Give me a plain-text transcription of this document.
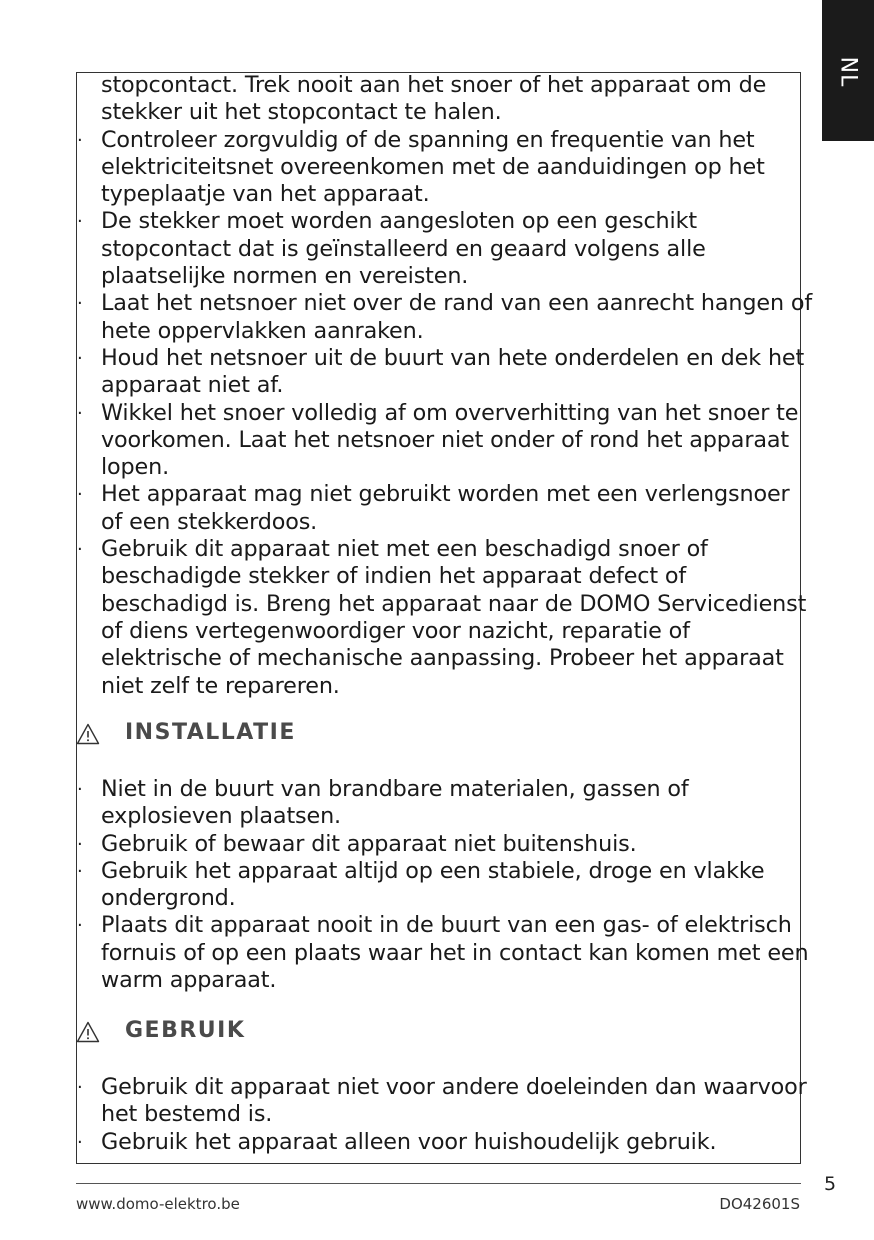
NL
stopcontact. Trek nooit aan het snoer of het apparaat om de stekker uit het stopcontact te halen.
· Controleer zorgvuldig of de spanning en frequentie van het elektriciteitsnet overeenkomen met de aanduidingen op het typeplaatje van het apparaat.
· De stekker moet worden aangesloten op een geschikt stopcontact dat is geïnstalleerd en geaard volgens alle plaatselijke normen en vereisten.
· Laat het netsnoer niet over de rand van een aanrecht hangen of hete oppervlakken aanraken.
· Houd het netsnoer uit de buurt van hete onderdelen en dek het apparaat niet af.
· Wikkel het snoer volledig af om oververhitting van het snoer te voorkomen. Laat het netsnoer niet onder of rond het apparaat lopen.
· Het apparaat mag niet gebruikt worden met een verlengsnoer of een stekkerdoos.
· Gebruik dit apparaat niet met een beschadigd snoer of beschadigde stekker of indien het apparaat defect of beschadigd is. Breng het apparaat naar de DOMO Servicedienst of diens vertegenwoordiger voor nazicht, reparatie of elektrische of mechanische aanpassing. Probeer het apparaat niet zelf te repareren.
INSTALLATIE
· Niet in de buurt van brandbare materialen, gassen of explosieven plaatsen.
· Gebruik of bewaar dit apparaat niet buitenshuis.
· Gebruik het apparaat altijd op een stabiele, droge en vlakke ondergrond.
· Plaats dit apparaat nooit in de buurt van een gas- of elektrisch fornuis of op een plaats waar het in contact kan komen met een warm apparaat.
GEBRUIK
· Gebruik dit apparaat niet voor andere doeleinden dan waarvoor het bestemd is.
· Gebruik het apparaat alleen voor huishoudelijk gebruik.
5
www.domo-elektro.be	DO42601S
